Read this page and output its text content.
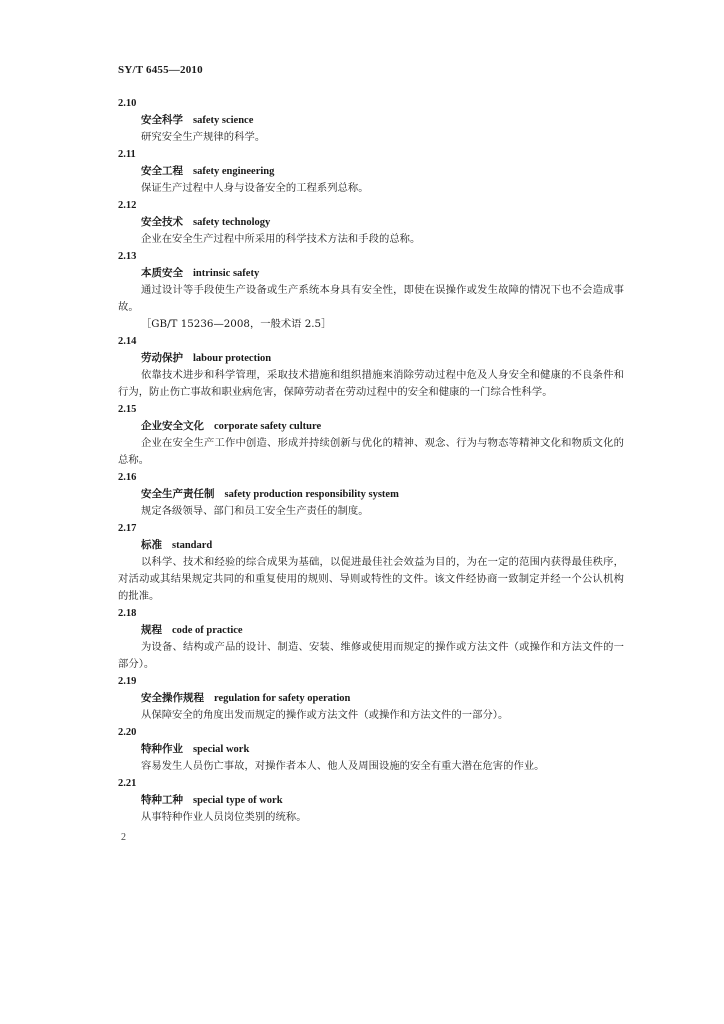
SY/T 6455—2010
2.10
安全科学 safety science
研究安全生产规律的科学。
2.11
安全工程 safety engineering
保证生产过程中人身与设备安全的工程系列总称。
2.12
安全技术 safety technology
企业在安全生产过程中所采用的科学技术方法和手段的总称。
2.13
本质安全 intrinsic safety
通过设计等手段使生产设备或生产系统本身具有安全性，即使在误操作或发生故障的情况下也不会造成事故。
［GB/T 15236—2008，一般术语 2.5］
2.14
劳动保护 labour protection
依靠技术进步和科学管理，采取技术措施和组织措施来消除劳动过程中危及人身安全和健康的不良条件和行为，防止伤亡事故和职业病危害，保障劳动者在劳动过程中的安全和健康的一门综合性科学。
2.15
企业安全文化 corporate safety culture
企业在安全生产工作中创造、形成并持续创新与优化的精神、观念、行为与物态等精神文化和物质文化的总称。
2.16
安全生产责任制 safety production responsibility system
规定各级领导、部门和员工安全生产责任的制度。
2.17
标准 standard
以科学、技术和经验的综合成果为基础，以促进最佳社会效益为目的，为在一定的范围内获得最佳秩序，对活动或其结果规定共同的和重复使用的规则、导则或特性的文件。该文件经协商一致制定并经一个公认机构的批准。
2.18
规程 code of practice
为设备、结构或产品的设计、制造、安装、维修或使用而规定的操作或方法文件（或操作和方法文件的一部分）。
2.19
安全操作规程 regulation for safety operation
从保障安全的角度出发而规定的操作或方法文件（或操作和方法文件的一部分）。
2.20
特种作业 special work
容易发生人员伤亡事故，对操作者本人、他人及周围设施的安全有重大潜在危害的作业。
2.21
特种工种 special type of work
从事特种作业人员岗位类别的统称。
2
